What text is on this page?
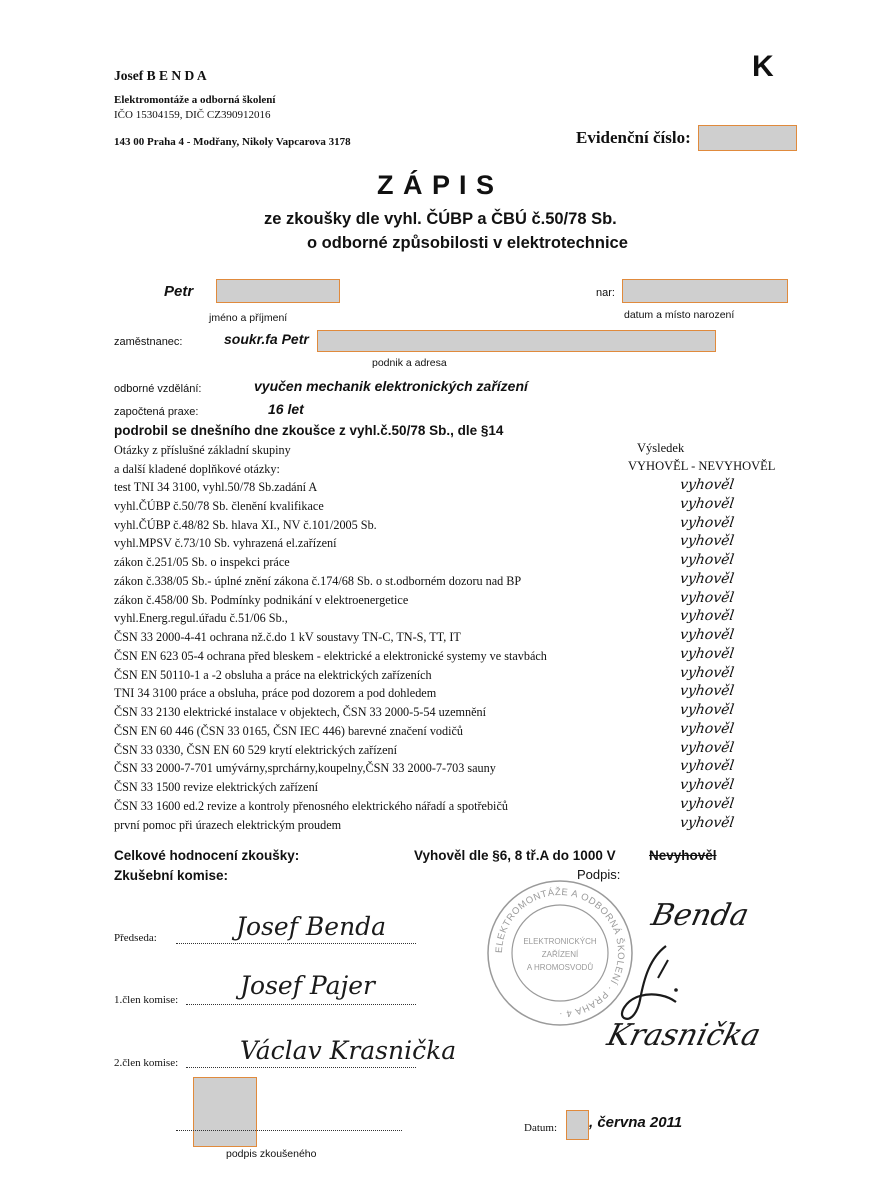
Josef B E N D A
Elektromontáže a odborná školení
IČO 15304159, DIČ CZ390912016
143 00 Praha 4 - Modřany, Nikoly Vapcarova 3178
K
Evidenční číslo:
Z Á P I S
ze zkoušky dle vyhl. ČÚBP a ČBÚ č.50/78 Sb.
o odborné způsobilosti v elektrotechnice
Petr
jméno a příjmení
nar:
datum a místo narození
zaměstnanec:	soukr.fa Petr
podnik a adresa
odborné vzdělání:	vyučen mechanik elektronických zařízení
započtená praxe:	16 let
podrobil se dnešního dne zkoušce z vyhl.č.50/78 Sb., dle §14
Otázky z příslušné základní skupiny
a další kladené doplňkové otázky:
Výsledek
VYHOVĚL - NEVYHOVĚL
test TNI 34 3100, vyhl.50/78 Sb.zadání A	vyhověl
vyhl.ČÚBP č.50/78 Sb. členění kvalifikace	vyhověl
vyhl.ČÚBP č.48/82 Sb. hlava XI., NV č.101/2005 Sb.	vyhověl
vyhl.MPSV č.73/10 Sb. vyhrazená el.zařízení	vyhověl
zákon č.251/05 Sb. o inspekci práce	vyhověl
zákon č.338/05 Sb.- úplné znění zákona č.174/68 Sb. o st.odborném dozoru nad BP	vyhověl
zákon č.458/00 Sb. Podmínky podnikání v elektroenergetice	vyhověl
vyhl.Energ.regul.úřadu č.51/06 Sb.,	vyhověl
ČSN 33 2000-4-41 ochrana nž.č.do 1 kV soustavy TN-C, TN-S, TT, IT	vyhověl
ČSN EN 623 05-4 ochrana před bleskem - elektrické a elektronické systemy ve stavbách	vyhověl
ČSN EN 50110-1 a -2 obsluha a práce na elektrických zařízeních	vyhověl
TNI 34 3100 práce a obsluha, práce pod dozorem a pod dohledem	vyhověl
ČSN 33 2130 elektrické instalace v objektech, ČSN 33 2000-5-54 uzemnění	vyhověl
ČSN EN 60 446 (ČSN 33 0165, ČSN IEC 446) barevné značení vodičů	vyhověl
ČSN 33 0330, ČSN EN 60 529 krytí elektrických zařízení	vyhověl
ČSN 33 2000-7-701 umývárny,sprchárny,koupelny,ČSN 33 2000-7-703 sauny	vyhověl
ČSN 33 1500 revize elektrických zařízení	vyhověl
ČSN 33 1600 ed.2 revize a kontroly přenosného elektrického nářadí a spotřebičů	vyhověl
první pomoc při úrazech elektrickým proudem	vyhověl
Celkové hodnocení zkoušky:	Vyhověl dle §6, 8 tř.A do 1000 V Nevyhověl
Zkušební komise:	Podpis:
Předseda:	Josef Benda
1.člen komise: Josef Pajer
2.člen komise: Václav Krasnička
ELEKTROMONTÁŽE A ODBORNÁ ŠKOLENÍ · PRAHA 4 ·
ELEKTRONICKÝCH
ZAŘÍZENÍ
A HROMOSVODŮ
Benda
Krasnička
podpis zkoušeného
Datum: , června 2011
